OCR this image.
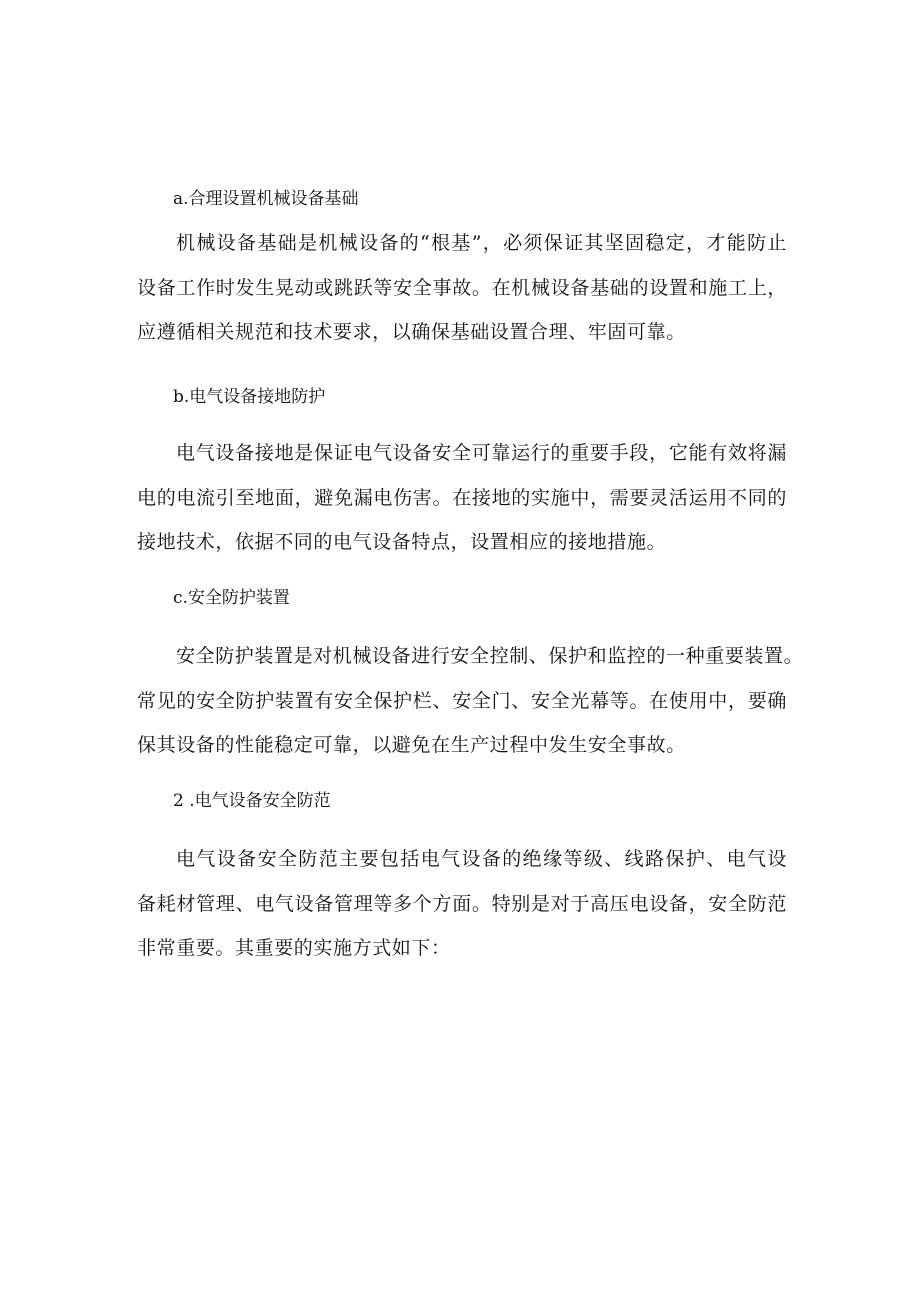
a.合理设置机械设备基础
机械设备基础是机械设备的“根基”，必须保证其坚固稳定，才能防止
设备工作时发生晃动或跳跃等安全事故。在机械设备基础的设置和施工上，
应遵循相关规范和技术要求，以确保基础设置合理、牢固可靠。
b.电气设备接地防护
电气设备接地是保证电气设备安全可靠运行的重要手段，它能有效将漏
电的电流引至地面，避免漏电伤害。在接地的实施中，需要灵活运用不同的
接地技术，依据不同的电气设备特点，设置相应的接地措施。
c.安全防护装置
安全防护装置是对机械设备进行安全控制、保护和监控的一种重要装置。
常见的安全防护装置有安全保护栏、安全门、安全光幕等。在使用中，要确
保其设备的性能稳定可靠，以避免在生产过程中发生安全事故。
2 .电气设备安全防范
电气设备安全防范主要包括电气设备的绝缘等级、线路保护、电气设
备耗材管理、电气设备管理等多个方面。特别是对于高压电设备，安全防范
非常重要。其重要的实施方式如下：
